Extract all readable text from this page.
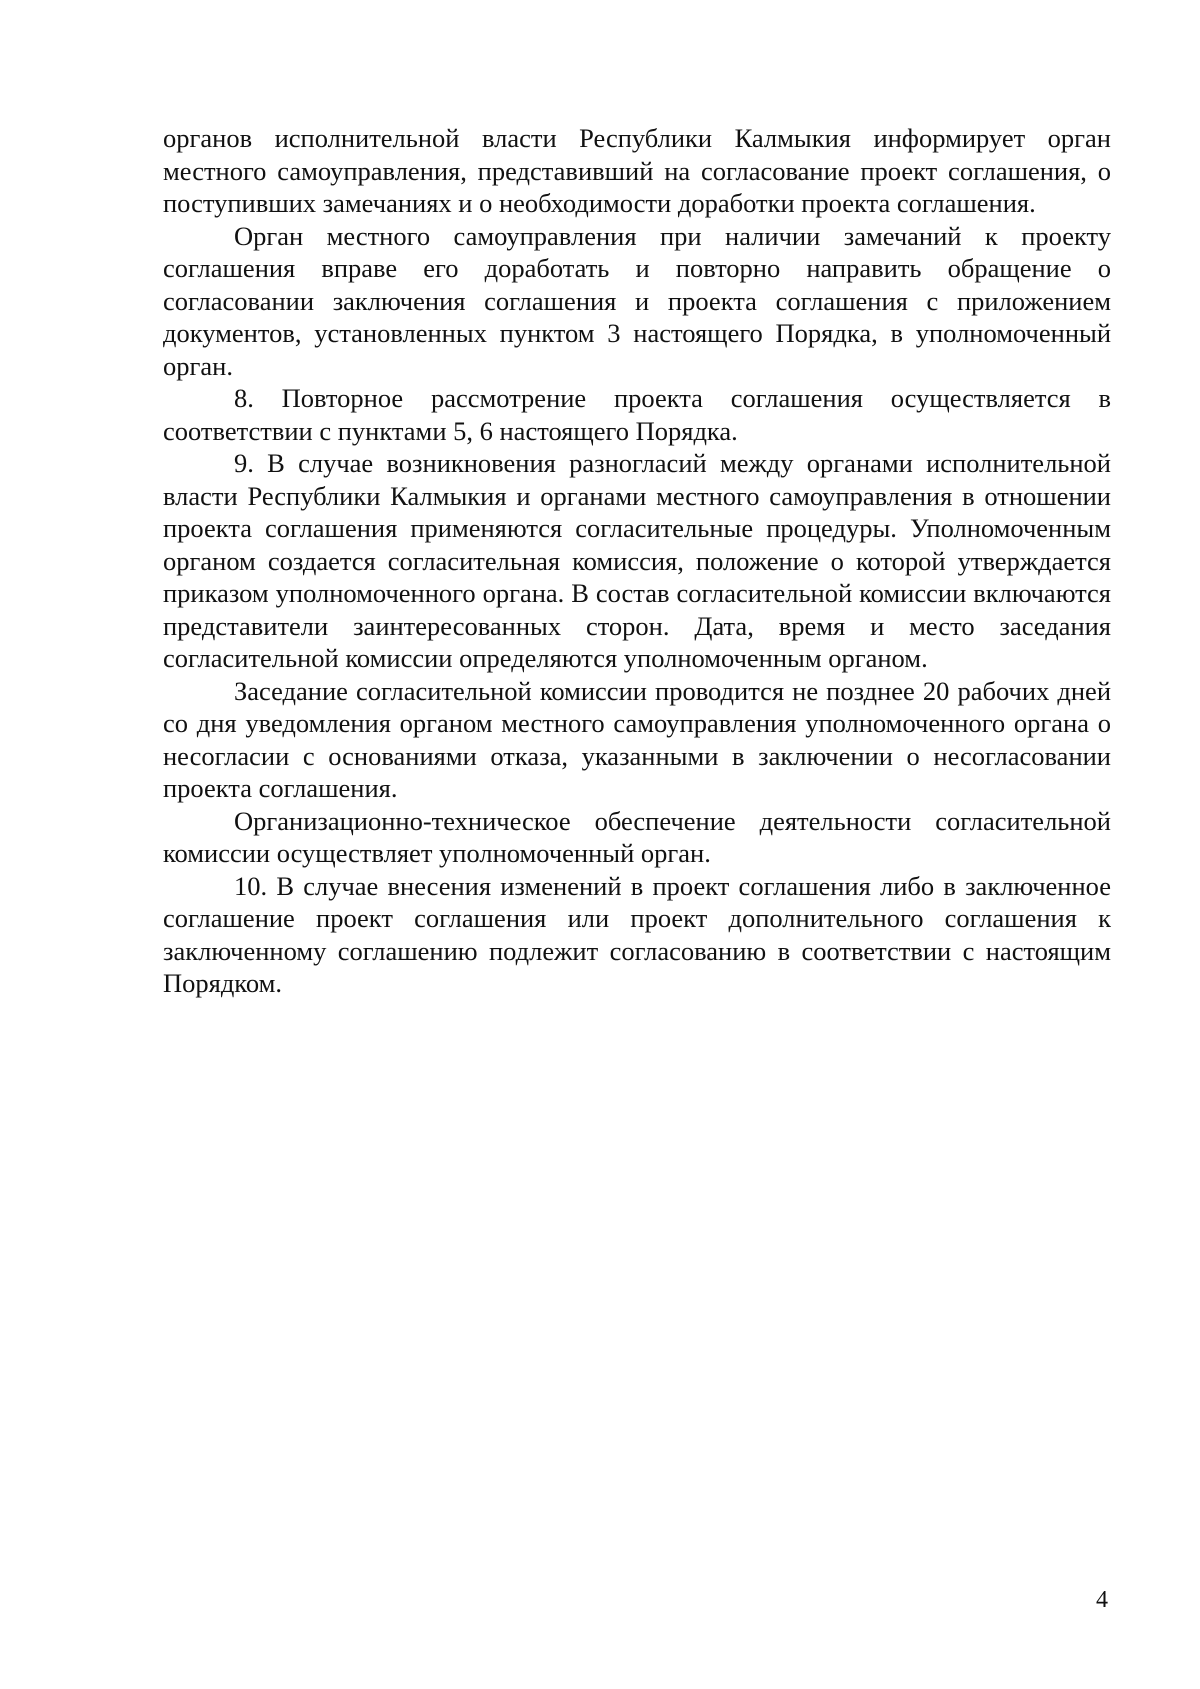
органов исполнительной власти Республики Калмыкия информирует орган местного самоуправления, представивший на согласование проект соглашения, о поступивших замечаниях и о необходимости доработки проекта соглашения.

Орган местного самоуправления при наличии замечаний к проекту соглашения вправе его доработать и повторно направить обращение о согласовании заключения соглашения и проекта соглашения с приложением документов, установленных пунктом 3 настоящего Порядка, в уполномоченный орган.

8. Повторное рассмотрение проекта соглашения осуществляется в соответствии с пунктами 5, 6 настоящего Порядка.

9. В случае возникновения разногласий между органами исполнительной власти Республики Калмыкия и органами местного самоуправления в отношении проекта соглашения применяются согласительные процедуры. Уполномоченным органом создается согласительная комиссия, положение о которой утверждается приказом уполномоченного органа. В состав согласительной комиссии включаются представители заинтересованных сторон. Дата, время и место заседания согласительной комиссии определяются уполномоченным органом.

Заседание согласительной комиссии проводится не позднее 20 рабочих дней со дня уведомления органом местного самоуправления уполномоченного органа о несогласии с основаниями отказа, указанными в заключении о несогласовании проекта соглашения.

Организационно-техническое обеспечение деятельности согласительной комиссии осуществляет уполномоченный орган.

10. В случае внесения изменений в проект соглашения либо в заключенное соглашение проект соглашения или проект дополнительного соглашения к заключенному соглашению подлежит согласованию в соответствии с настоящим Порядком.

4
